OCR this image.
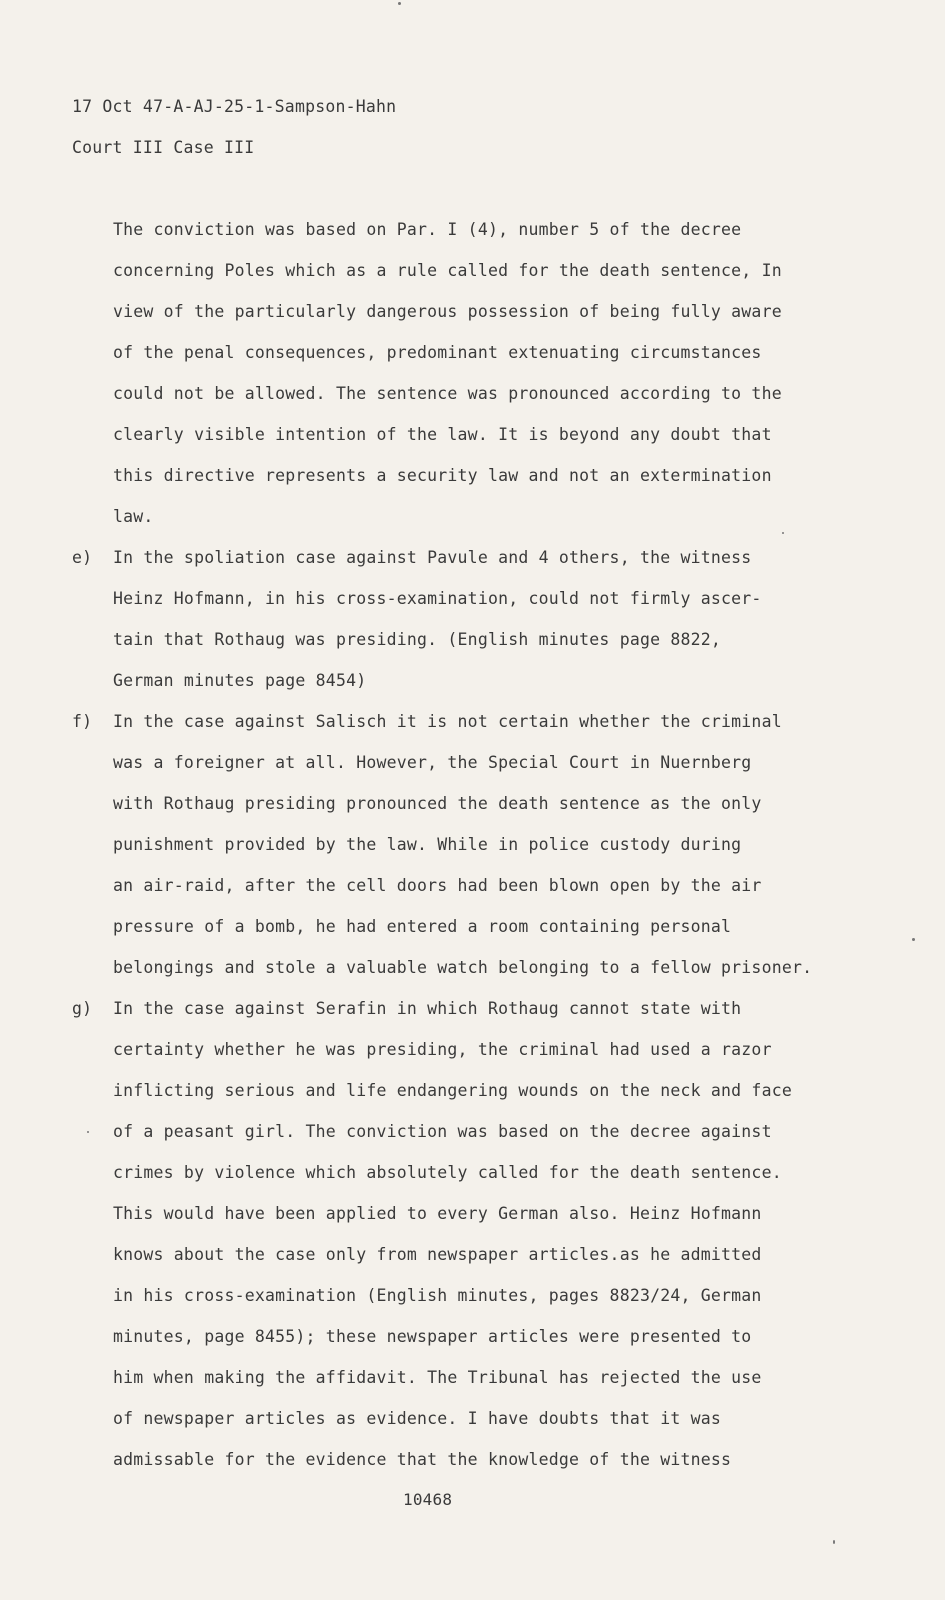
17 Oct 47-A-AJ-25-1-Sampson-Hahn
Court III Case III
The conviction was based on Par. I (4), number 5 of the decree
concerning Poles which as a rule called for the death sentence, In
view of the particularly dangerous possession of being fully aware
of the penal consequences, predominant extenuating circumstances
could not be allowed. The sentence was pronounced according to the
clearly visible intention of the law. It is beyond any doubt that
this directive represents a security law and not an extermination
law.
e) In the spoliation case against Pavule and 4 others, the witness
Heinz Hofmann, in his cross-examination, could not firmly ascer-
tain that Rothaug was presiding. (English minutes page 8822,
German minutes page 8454)
f) In the case against Salisch it is not certain whether the criminal
was a foreigner at all. However, the Special Court in Nuernberg
with Rothaug presiding pronounced the death sentence as the only
punishment provided by the law. While in police custody during
an air-raid, after the cell doors had been blown open by the air
pressure of a bomb, he had entered a room containing personal
belongings and stole a valuable watch belonging to a fellow prisoner.
g) In the case against Serafin in which Rothaug cannot state with
certainty whether he was presiding, the criminal had used a razor
inflicting serious and life endangering wounds on the neck and face
of a peasant girl. The conviction was based on the decree against
crimes by violence which absolutely called for the death sentence.
This would have been applied to every German also. Heinz Hofmann
knows about the case only from newspaper articles.as he admitted
in his cross-examination (English minutes, pages 8823/24, German
minutes, page 8455); these newspaper articles were presented to
him when making the affidavit. The Tribunal has rejected the use
of newspaper articles as evidence. I have doubts that it was
admissable for the evidence that the knowledge of the witness
10468
